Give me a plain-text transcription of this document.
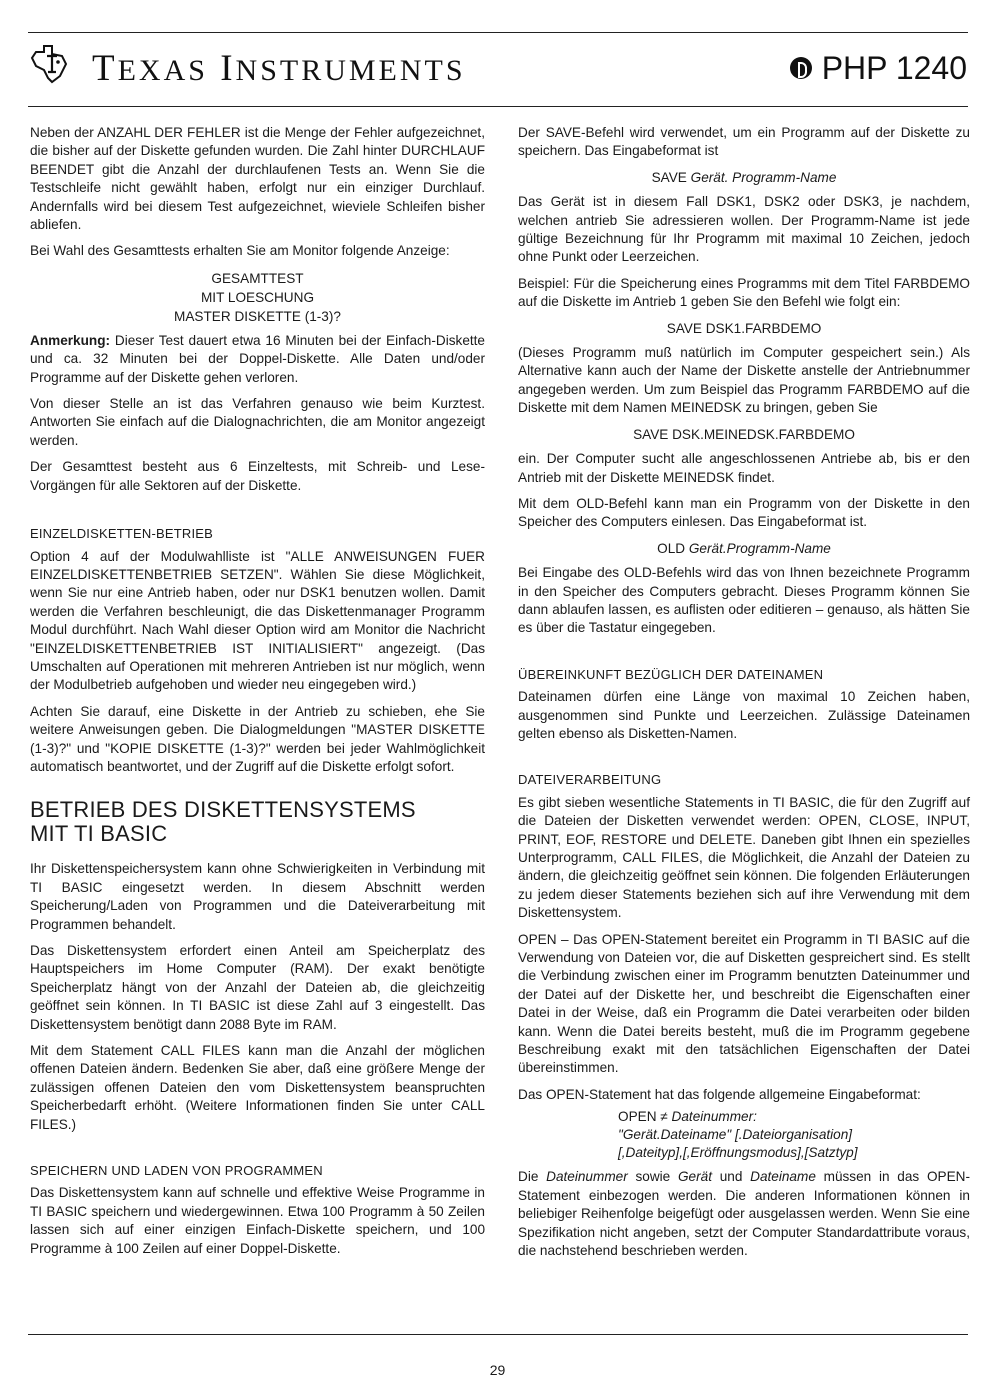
TEXAS INSTRUMENTS	PHP 1240

Neben der ANZAHL DER FEHLER ist die Menge der Fehler aufgezeichnet, die bisher auf der Diskette gefunden wurden. Die Zahl hinter DURCHLAUF BEENDET gibt die Anzahl der durchlaufenen Tests an. Wenn Sie die Testschleife nicht gewählt haben, erfolgt nur ein einziger Durchlauf. Andernfalls wird bei diesem Test aufgezeichnet, wieviele Schleifen bisher abliefen.

Bei Wahl des Gesamttests erhalten Sie am Monitor folgende Anzeige:

GESAMTTEST
MIT LOESCHUNG
MASTER DISKETTE (1-3)?

Anmerkung: Dieser Test dauert etwa 16 Minuten bei der Einfach-Diskette und ca. 32 Minuten bei der Doppel-Diskette. Alle Daten und/oder Programme auf der Diskette gehen verloren.

Von dieser Stelle an ist das Verfahren genauso wie beim Kurztest. Antworten Sie einfach auf die Dialognachrichten, die am Monitor angezeigt werden.

Der Gesamttest besteht aus 6 Einzeltests, mit Schreib- und Lese-Vorgängen für alle Sektoren auf der Diskette.

EINZELDISKETTEN-BETRIEB

Option 4 auf der Modulwahlliste ist "ALLE ANWEISUNGEN FUER EINZELDISKETTENBETRIEB SETZEN". Wählen Sie diese Möglichkeit, wenn Sie nur eine Antrieb haben, oder nur DSK1 benutzen wollen. Damit werden die Verfahren beschleunigt, die das Diskettenmanager Programm Modul durchführt. Nach Wahl dieser Option wird am Monitor die Nachricht "EINZELDISKETTENBETRIEB IST INITIALISIERT" angezeigt. (Das Umschalten auf Operationen mit mehreren Antrieben ist nur möglich, wenn der Modulbetrieb aufgehoben und wieder neu eingegeben wird.)

Achten Sie darauf, eine Diskette in der Antrieb zu schieben, ehe Sie weitere Anweisungen geben. Die Dialogmeldungen "MASTER DISKETTE (1-3)?" und "KOPIE DISKETTE (1-3)?" werden bei jeder Wahlmöglichkeit automatisch beantwortet, und der Zugriff auf die Diskette erfolgt sofort.

BETRIEB DES DISKETTENSYSTEMS
MIT TI BASIC

Ihr Diskettenspeichersystem kann ohne Schwierigkeiten in Verbindung mit TI BASIC eingesetzt werden. In diesem Abschnitt werden Speicherung/Laden von Programmen und die Dateiverarbeitung mit Programmen behandelt.

Das Diskettensystem erfordert einen Anteil am Speicherplatz des Hauptspeichers im Home Computer (RAM). Der exakt benötigte Speicherplatz hängt von der Anzahl der Dateien ab, die gleichzeitig geöffnet sein können. In TI BASIC ist diese Zahl auf 3 eingestellt. Das Diskettensystem benötigt dann 2088 Byte im RAM.

Mit dem Statement CALL FILES kann man die Anzahl der möglichen offenen Dateien ändern. Bedenken Sie aber, daß eine größere Menge der zulässigen offenen Dateien den vom Diskettensystem beanspruchten Speicherbedarft erhöht. (Weitere Informationen finden Sie unter CALL FILES.)

SPEICHERN UND LADEN VON PROGRAMMEN

Das Diskettensystem kann auf schnelle und effektive Weise Programme in TI BASIC speichern und wiedergewinnen. Etwa 100 Programm à 50 Zeilen lassen sich auf einer einzigen Einfach-Diskette speichern, und 100 Programme à 100 Zeilen auf einer Doppel-Diskette.

Der SAVE-Befehl wird verwendet, um ein Programm auf der Diskette zu speichern. Das Eingabeformat ist

SAVE Gerät. Programm-Name

Das Gerät ist in diesem Fall DSK1, DSK2 oder DSK3, je nachdem, welchen antrieb Sie adressieren wollen. Der Programm-Name ist jede gültige Bezeichnung für Ihr Programm mit maximal 10 Zeichen, jedoch ohne Punkt oder Leerzeichen.

Beispiel: Für die Speicherung eines Programms mit dem Titel FARBDEMO auf die Diskette im Antrieb 1 geben Sie den Befehl wie folgt ein:

SAVE DSK1.FARBDEMO

(Dieses Programm muß natürlich im Computer gespeichert sein.) Als Alternative kann auch der Name der Diskette anstelle der Antriebnummer angegeben werden. Um zum Beispiel das Programm FARBDEMO auf die Diskette mit dem Namen MEINEDSK zu bringen, geben Sie

SAVE DSK.MEINEDSK.FARBDEMO

ein. Der Computer sucht alle angeschlossenen Antriebe ab, bis er den Antrieb mit der Diskette MEINEDSK findet.

Mit dem OLD-Befehl kann man ein Programm von der Diskette in den Speicher des Computers einlesen. Das Eingabeformat ist.

OLD Gerät.Programm-Name

Bei Eingabe des OLD-Befehls wird das von Ihnen bezeichnete Programm in den Speicher des Computers gebracht. Dieses Programm können Sie dann ablaufen lassen, es auflisten oder editieren – genauso, als hätten Sie es über die Tastatur eingegeben.

ÜBEREINKUNFT BEZÜGLICH DER DATEINAMEN

Dateinamen dürfen eine Länge von maximal 10 Zeichen haben, ausgenommen sind Punkte und Leerzeichen. Zulässige Dateinamen gelten ebenso als Disketten-Namen.

DATEIVERARBEITUNG

Es gibt sieben wesentliche Statements in TI BASIC, die für den Zugriff auf die Dateien der Disketten verwendet werden: OPEN, CLOSE, INPUT, PRINT, EOF, RESTORE und DELETE. Daneben gibt Ihnen ein spezielles Unterprogramm, CALL FILES, die Möglichkeit, die Anzahl der Dateien zu ändern, die gleichzeitig geöffnet sein können. Die folgenden Erläuterungen zu jedem dieser Statements beziehen sich auf ihre Verwendung mit dem Diskettensystem.

OPEN – Das OPEN-Statement bereitet ein Programm in TI BASIC auf die Verwendung von Dateien vor, die auf Disketten gespreichert sind. Es stellt die Verbindung zwischen einer im Programm benutzten Dateinummer und der Datei auf der Diskette her, und beschreibt die Eigenschaften einer Datei in der Weise, daß ein Programm die Datei verarbeiten oder bilden kann. Wenn die Datei bereits besteht, muß die im Programm gegebene Beschreibung exakt mit den tatsächlichen Eigenschaften der Datei übereinstimmen.

Das OPEN-Statement hat das folgende allgemeine Eingabeformat:

OPEN ≠ Dateinummer:
"Gerät.Dateiname" [.Dateiorganisation]
[,Dateityp],[,Eröffnungsmodus],[Satztyp]

Die Dateinummer sowie Gerät und Dateiname müssen in das OPEN-Statement einbezogen werden. Die anderen Informationen können in beliebiger Reihenfolge beigefügt oder ausgelassen werden. Wenn Sie eine Spezifikation nicht angeben, setzt der Computer Standardattribute voraus, die nachstehend beschrieben werden.

29
